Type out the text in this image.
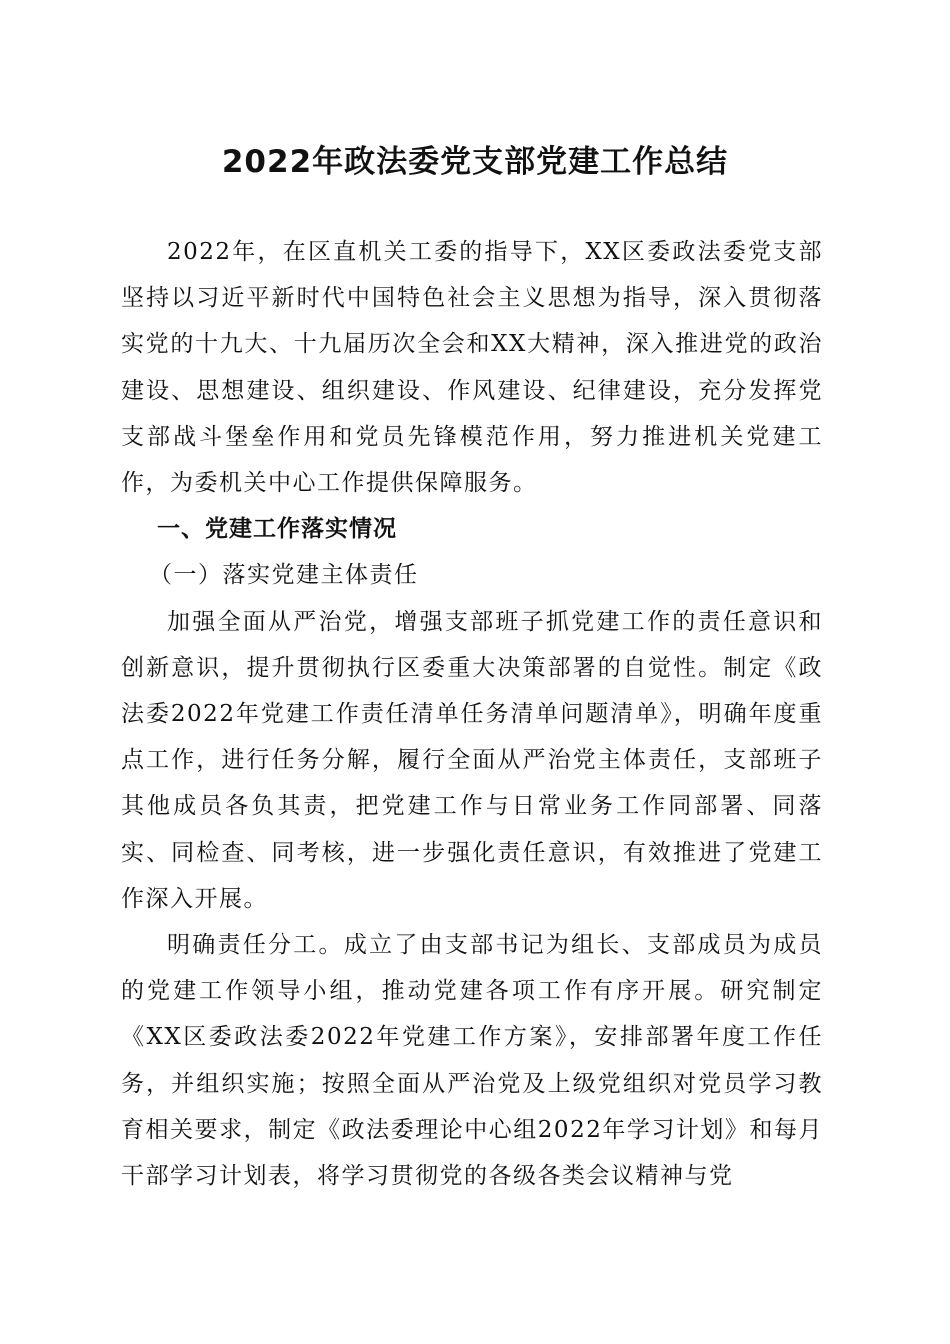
2022年政法委党支部党建工作总结

2022年，在区直机关工委的指导下，XX区委政法委党支部坚持以习近平新时代中国特色社会主义思想为指导，深入贯彻落实党的十九大、十九届历次全会和XX大精神，深入推进党的政治建设、思想建设、组织建设、作风建设、纪律建设，充分发挥党支部战斗堡垒作用和党员先锋模范作用，努力推进机关党建工作，为委机关中心工作提供保障服务。

一、党建工作落实情况

（一）落实党建主体责任

加强全面从严治党，增强支部班子抓党建工作的责任意识和创新意识，提升贯彻执行区委重大决策部署的自觉性。制定《政法委2022年党建工作责任清单任务清单问题清单》，明确年度重点工作，进行任务分解，履行全面从严治党主体责任，支部班子其他成员各负其责，把党建工作与日常业务工作同部署、同落实、同检查、同考核，进一步强化责任意识，有效推进了党建工作深入开展。

明确责任分工。成立了由支部书记为组长、支部成员为成员的党建工作领导小组，推动党建各项工作有序开展。研究制定《XX区委政法委2022年党建工作方案》，安排部署年度工作任务，并组织实施；按照全面从严治党及上级党组织对党员学习教育相关要求，制定《政法委理论中心组2022年学习计划》和每月干部学习计划表，将学习贯彻党的各级各类会议精神与党
